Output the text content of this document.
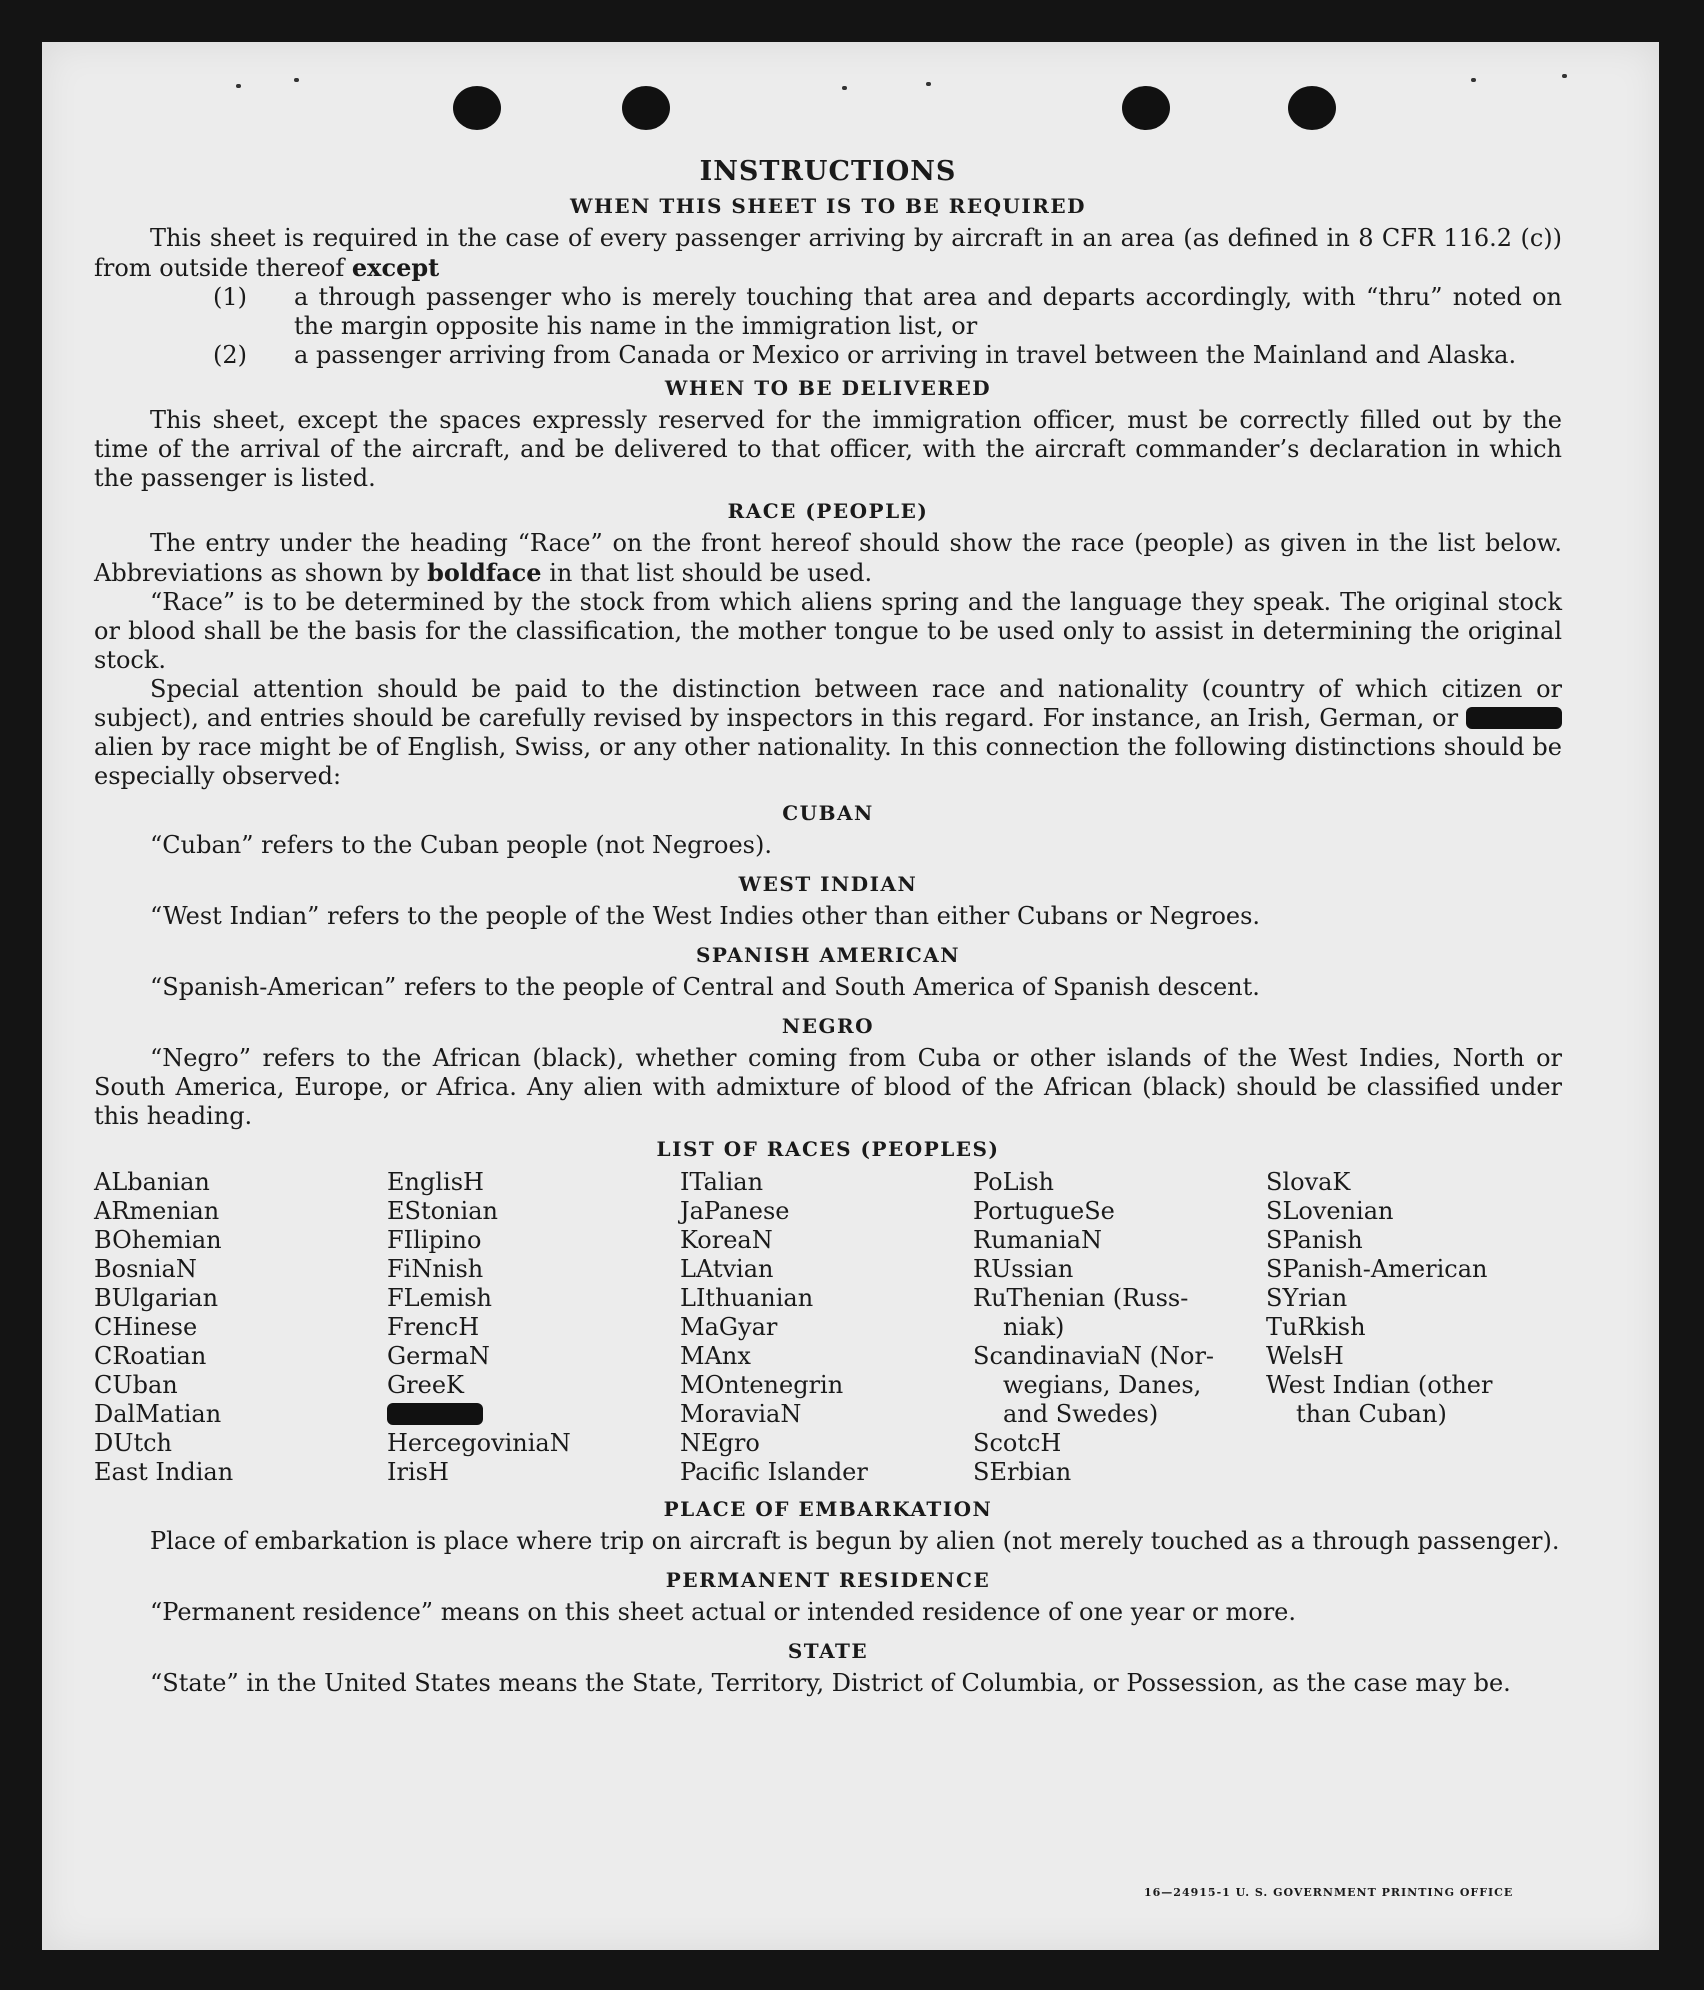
INSTRUCTIONS
WHEN THIS SHEET IS TO BE REQUIRED

This sheet is required in the case of every passenger arriving by aircraft in an area (as defined in 8 CFR 116.2 (c)) from outside thereof except

(1) a through passenger who is merely touching that area and departs accordingly, with “thru” noted on the margin opposite his name in the immigration list, or

(2) a passenger arriving from Canada or Mexico or arriving in travel between the Mainland and Alaska.

WHEN TO BE DELIVERED

This sheet, except the spaces expressly reserved for the immigration officer, must be correctly filled out by the time of the arrival of the aircraft, and be delivered to that officer, with the aircraft commander’s declaration in which the passenger is listed.

RACE (PEOPLE)

The entry under the heading “Race” on the front hereof should show the race (people) as given in the list below. Abbreviations as shown by boldface in that list should be used.

“Race” is to be determined by the stock from which aliens spring and the language they speak. The original stock or blood shall be the basis for the classification, the mother tongue to be used only to assist in determining the original stock.

Special attention should be paid to the distinction between race and nationality (country of which citizen or subject), and entries should be carefully revised by inspectors in this regard. For instance, an Irish, German, or  alien by race might be of English, Swiss, or any other nationality. In this connection the following distinctions should be especially observed:

CUBAN

“Cuban” refers to the Cuban people (not Negroes).

WEST INDIAN

“West Indian” refers to the people of the West Indies other than either Cubans or Negroes.

SPANISH AMERICAN

“Spanish-American” refers to the people of Central and South America of Spanish descent.

NEGRO

“Negro” refers to the African (black), whether coming from Cuba or other islands of the West Indies, North or South America, Europe, or Africa. Any alien with admixture of blood of the African (black) should be classified under this heading.

LIST OF RACES (PEOPLES)

ALbanian

ARmenian

BOhemian

BosniaN

BUlgarian

CHinese

CRoatian

CUban

DalMatian

DUtch

East Indian

EnglisH

EStonian

FIlipino

FiNnish

FLemish

FrencH

GermaN

GreeK

HercegoviniaN

IrisH

ITalian

JaPanese

KoreaN

LAtvian

LIthuanian

MaGyar

MAnx

MOntenegrin

MoraviaN

NEgro

Pacific Islander

PoLish

PortugueSe

RumaniaN

RUssian

RuThenian (Russ-

niak)

ScandinaviaN (Nor-

wegians, Danes,

and Swedes)

ScotcH

SErbian

SlovaK

SLovenian

SPanish

SPanish-American

SYrian

TuRkish

WelsH

West Indian (other

than Cuban)

PLACE OF EMBARKATION

Place of embarkation is place where trip on aircraft is begun by alien (not merely touched as a through passenger).

PERMANENT RESIDENCE

“Permanent residence” means on this sheet actual or intended residence of one year or more.

STATE

“State” in the United States means the State, Territory, District of Columbia, or Possession, as the case may be.

16—24915-1 U. S. GOVERNMENT PRINTING OFFICE
